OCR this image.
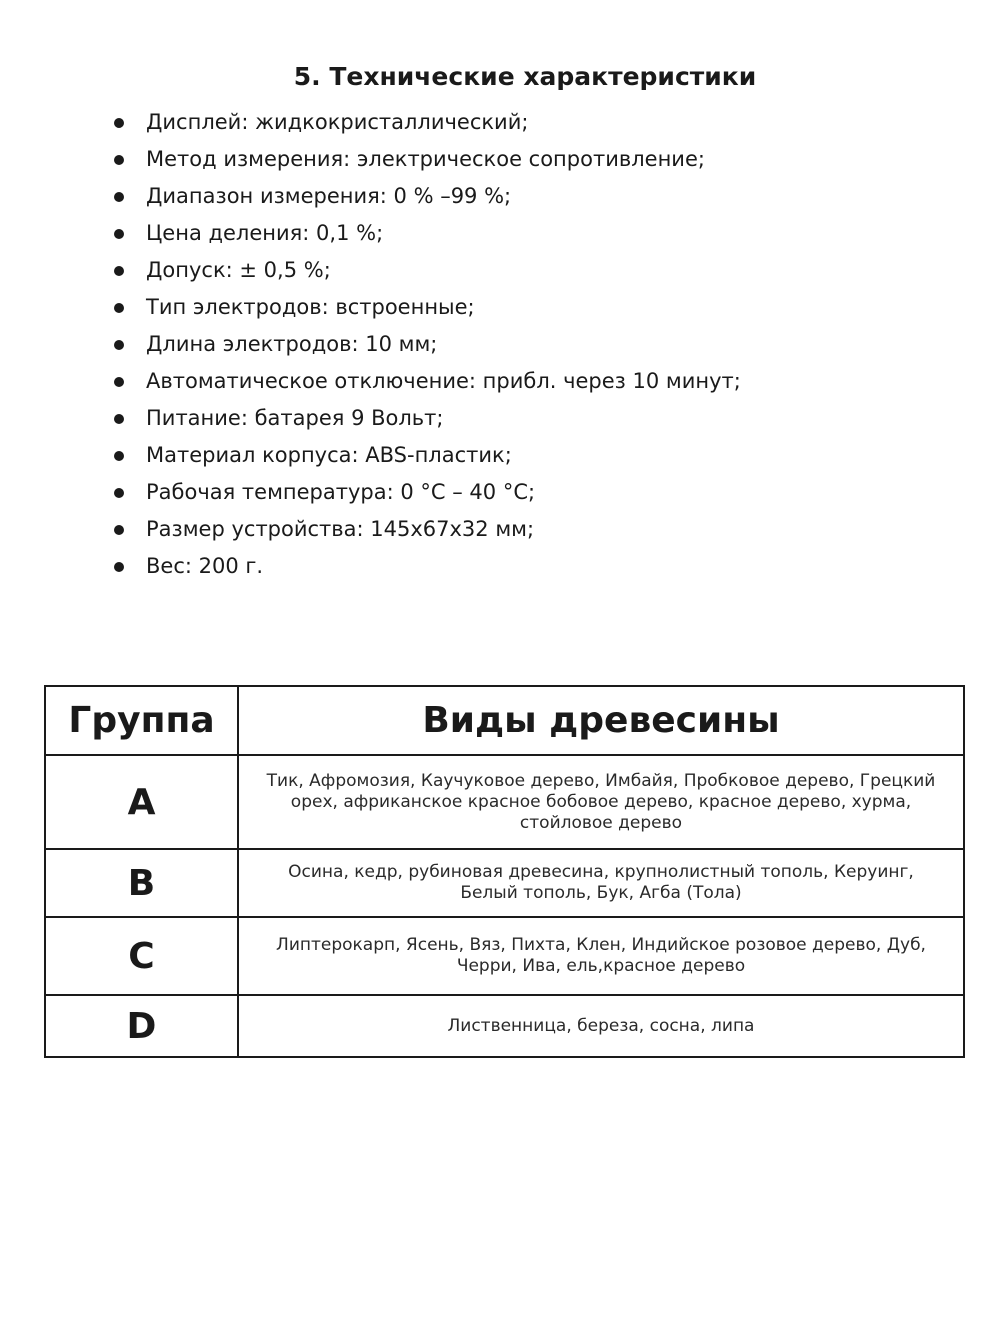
5. Технические характеристики
Дисплей: жидкокристаллический;
Метод измерения: электрическое сопротивление;
Диапазон измерения: 0 % –99 %;
Цена деления: 0,1 %;
Допуск: ± 0,5 %;
Тип электродов: встроенные;
Длина электродов: 10 мм;
Автоматическое отключение: прибл. через 10 минут;
Питание: батарея 9 Вольт;
Материал корпуса: ABS-пластик;
Рабочая температура: 0 °С – 40 °С;
Размер устройства: 145х67х32 мм;
Вес: 200 г.
Группа	Виды древесины
A	Тик, Афромозия, Каучуковое дерево, Имбайя, Пробковое дерево, Грецкий орех, африканское красное бобовое дерево, красное дерево, хурма, стойловое дерево
B	Осина, кедр, рубиновая древесина, крупнолистный тополь, Керуинг, Белый тополь, Бук, Агба (Тола)
C	Липтерокарп, Ясень, Вяз, Пихта, Клен, Индийское розовое дерево, Дуб, Черри, Ива, ель,красное дерево
D	Лиственница, береза, сосна, липа
